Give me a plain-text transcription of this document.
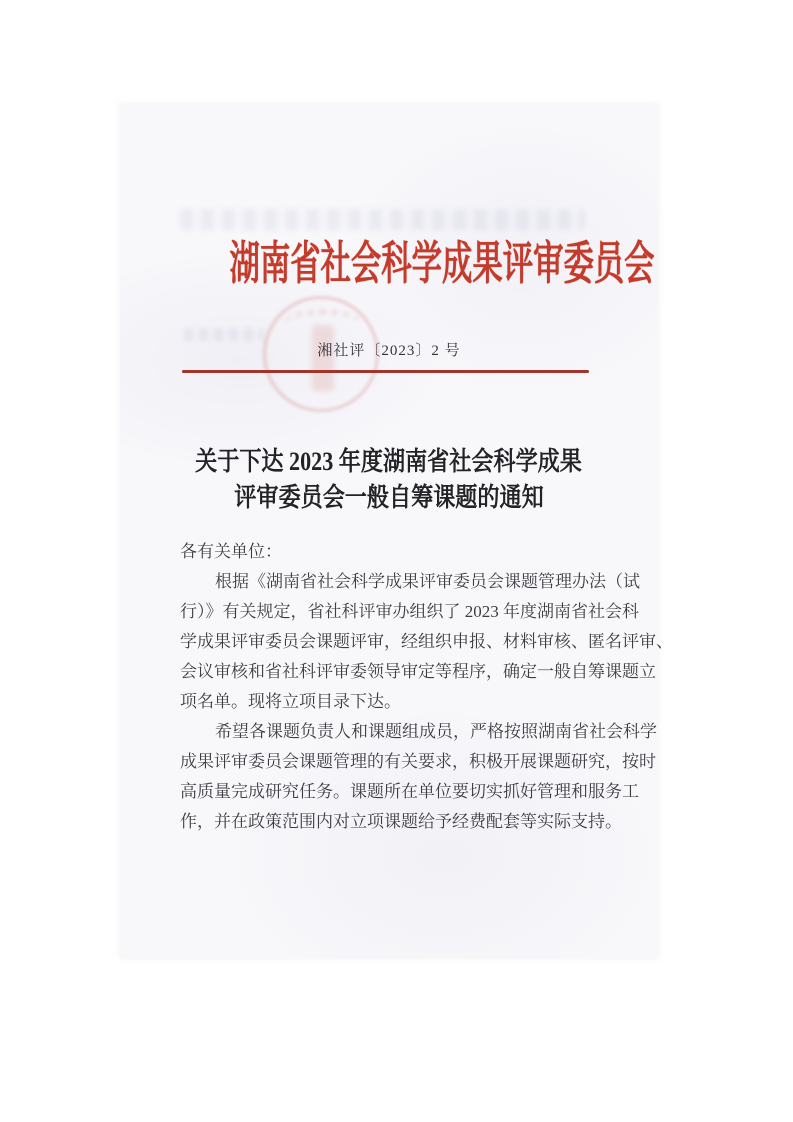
湖南省社会科学成果评审委员会
湘社评〔2023〕2 号
关于下达 2023 年度湖南省社会科学成果
评审委员会一般自筹课题的通知
各有关单位：
根据《湖南省社会科学成果评审委员会课题管理办法（试
行）》有关规定，省社科评审办组织了 2023 年度湖南省社会科
学成果评审委员会课题评审，经组织申报、材料审核、匿名评审、
会议审核和省社科评审委领导审定等程序，确定一般自筹课题立
项名单。现将立项目录下达。
希望各课题负责人和课题组成员，严格按照湖南省社会科学
成果评审委员会课题管理的有关要求，积极开展课题研究，按时
高质量完成研究任务。课题所在单位要切实抓好管理和服务工
作，并在政策范围内对立项课题给予经费配套等实际支持。
